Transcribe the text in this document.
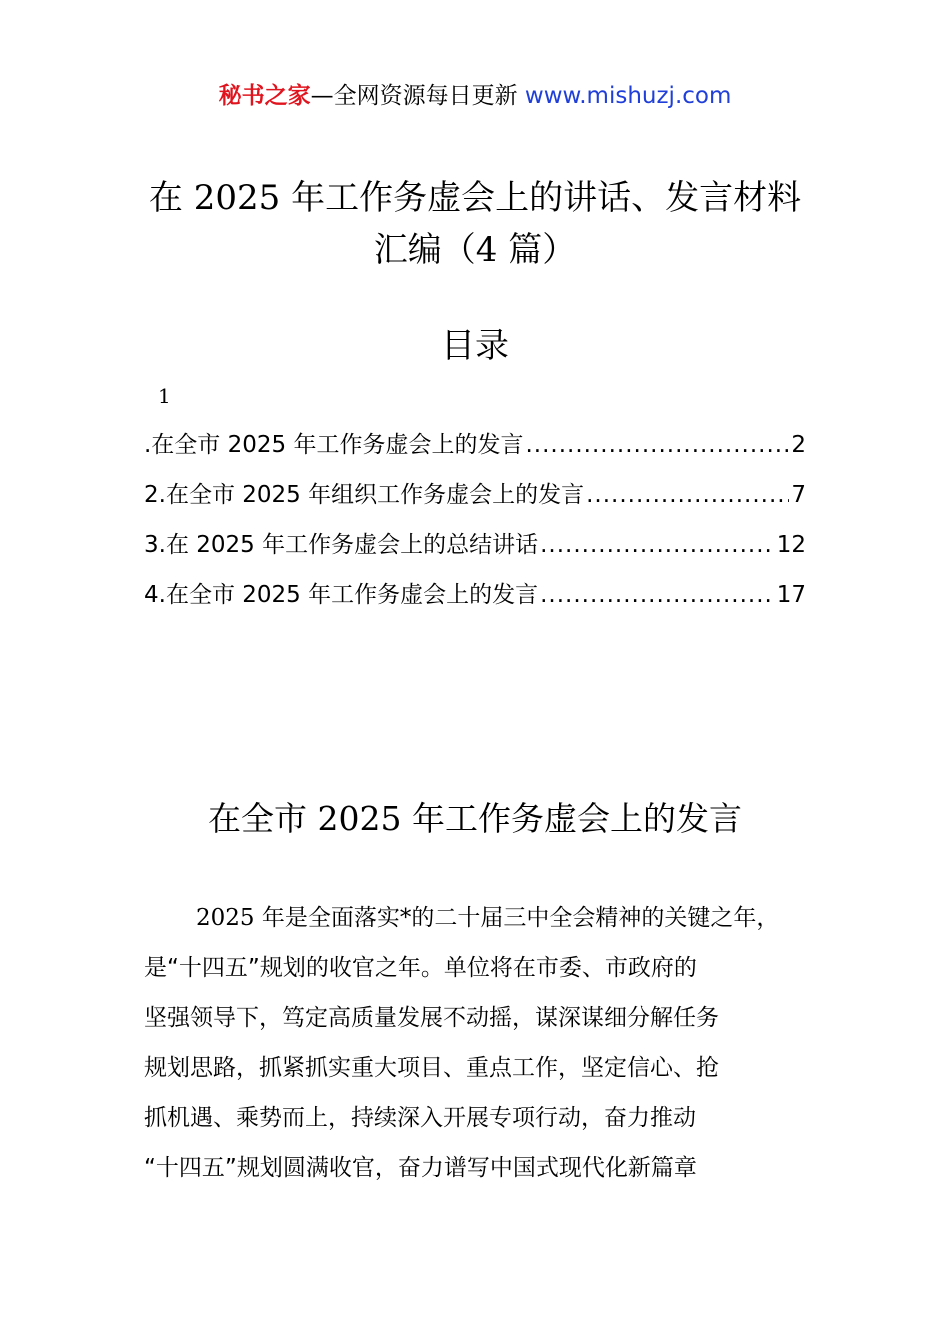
秘书之家—全网资源每日更新 www.mishuzj.com
在 2025 年工作务虚会上的讲话、发言材料
汇编（4 篇）
目录
1
.在全市 2025 年工作务虚会上的发言 .....	2
2.在全市 2025 年组织工作务虚会上的发言 .....	7
3.在 2025 年工作务虚会上的总结讲话 .....	12
4.在全市 2025 年工作务虚会上的发言 .....	17
在全市 2025 年工作务虚会上的发言
2025 年是全面落实*的二十届三中全会精神的关键之年，
是“十四五”规划的收官之年。单位将在市委、市政府的
坚强领导下，笃定高质量发展不动摇，谋深谋细分解任务
规划思路，抓紧抓实重大项目、重点工作，坚定信心、抢
抓机遇、乘势而上，持续深入开展专项行动，奋力推动
“十四五”规划圆满收官，奋力谱写中国式现代化新篇章
